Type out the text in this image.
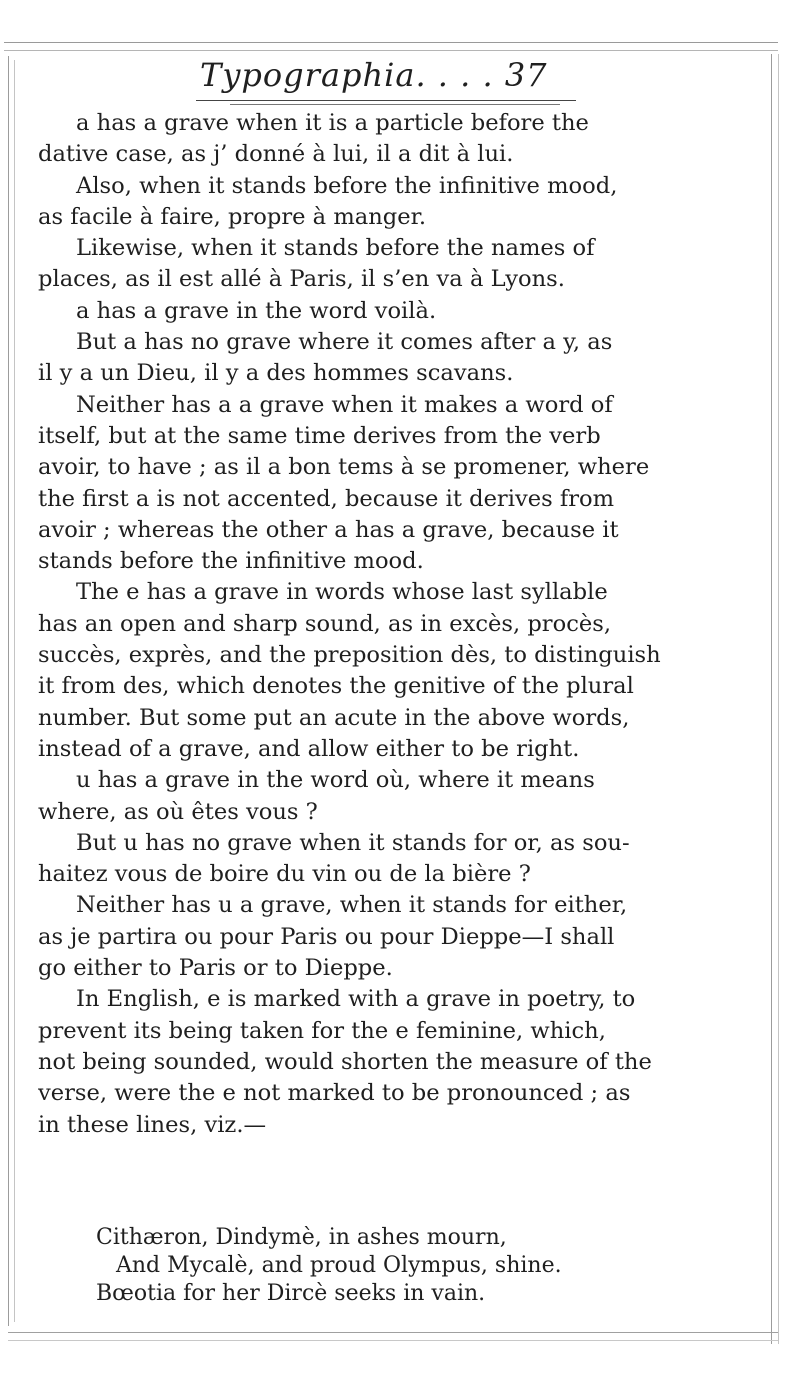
Typographia. . . . 37
a has a grave when it is a particle before the
dative case, as j’ donné à lui, il a dit à lui.
Also, when it stands before the infinitive mood,
as facile à faire, propre à manger.
Likewise, when it stands before the names of
places, as il est allé à Paris, il s’en va à Lyons.
a has a grave in the word voilà.
But a has no grave where it comes after a y, as
il y a un Dieu, il y a des hommes scavans.
Neither has a a grave when it makes a word of
itself, but at the same time derives from the verb
avoir, to have ; as il a bon tems à se promener, where
the first a is not accented, because it derives from
avoir ; whereas the other a has a grave, because it
stands before the infinitive mood.
The e has a grave in words whose last syllable
has an open and sharp sound, as in excès, procès,
succès, exprès, and the preposition dès, to distinguish
it from des, which denotes the genitive of the plural
number. But some put an acute in the above words,
instead of a grave, and allow either to be right.
u has a grave in the word où, where it means
where, as où êtes vous ?
But u has no grave when it stands for or, as sou-
haitez vous de boire du vin ou de la bière ?
Neither has u a grave, when it stands for either,
as je partira ou pour Paris ou pour Dieppe—I shall
go either to Paris or to Dieppe.
In English, e is marked with a grave in poetry, to
prevent its being taken for the e feminine, which,
not being sounded, would shorten the measure of the
verse, were the e not marked to be pronounced ; as
in these lines, viz.—
Cithæron, Dindymè, in ashes mourn,
And Mycalè, and proud Olympus, shine.
Bœotia for her Dircè seeks in vain.
